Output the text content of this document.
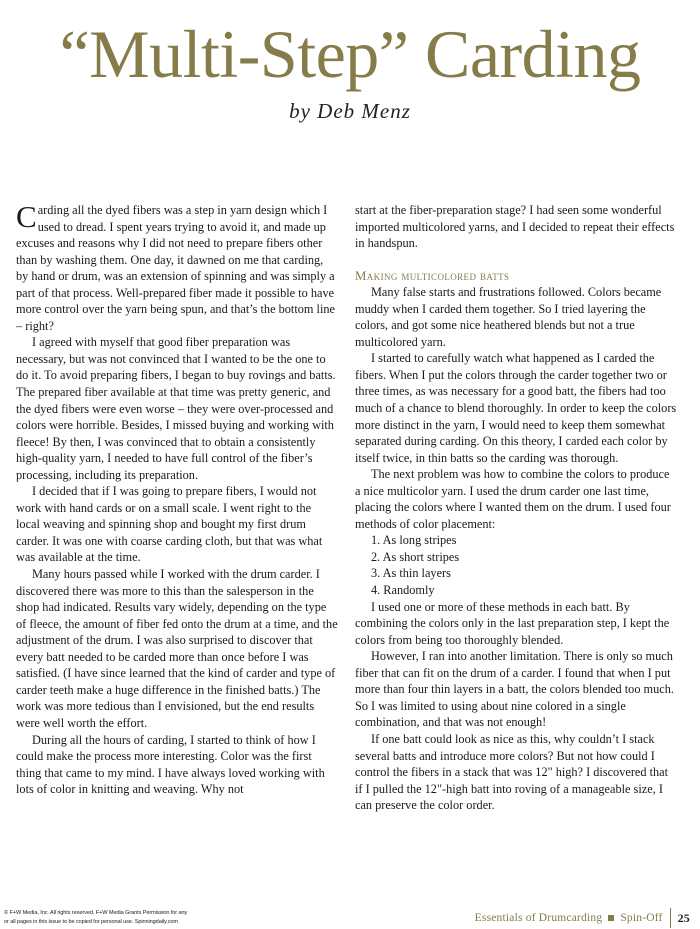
“Multi-Step” Carding
by Deb Menz

Carding all the dyed fibers was a step in yarn design which I used to dread. I spent years trying to avoid it, and made up excuses and reasons why I did not need to prepare fibers other than by washing them. One day, it dawned on me that carding, by hand or drum, was an extension of spinning and was simply a part of that process. Well-prepared fiber made it possible to have more control over the yarn being spun, and that’s the bottom line – right?

I agreed with myself that good fiber preparation was necessary, but was not convinced that I wanted to be the one to do it. To avoid preparing fibers, I began to buy rovings and batts. The prepared fiber available at that time was pretty generic, and the dyed fibers were even worse – they were over-processed and colors were horrible. Besides, I missed buying and working with fleece! By then, I was convinced that to obtain a consistently high-quality yarn, I needed to have full control of the fiber’s processing, including its preparation.

I decided that if I was going to prepare fibers, I would not work with hand cards or on a small scale. I went right to the local weaving and spinning shop and bought my first drum carder. It was one with coarse carding cloth, but that was what was available at the time.

Many hours passed while I worked with the drum carder. I discovered there was more to this than the salesperson in the shop had indicated. Results vary widely, depending on the type of fleece, the amount of fiber fed onto the drum at a time, and the adjustment of the drum. I was also surprised to discover that every batt needed to be carded more than once before I was satisfied. (I have since learned that the kind of carder and type of carder teeth make a huge difference in the finished batts.) The work was more tedious than I envisioned, but the end results were well worth the effort.

During all the hours of carding, I started to think of how I could make the process more interesting. Color was the first thing that came to my mind. I have always loved working with lots of color in knitting and weaving. Why not

start at the fiber-preparation stage? I had seen some wonderful imported multicolored yarns, and I decided to repeat their effects in handspun.

Making multicolored batts

Many false starts and frustrations followed. Colors became muddy when I carded them together. So I tried layering the colors, and got some nice heathered blends but not a true multicolored yarn.

I started to carefully watch what happened as I carded the fibers. When I put the colors through the carder together two or three times, as was necessary for a good batt, the fibers had too much of a chance to blend thoroughly. In order to keep the colors more distinct in the yarn, I would need to keep them somewhat separated during carding. On this theory, I carded each color by itself twice, in thin batts so the carding was thorough.

The next problem was how to combine the colors to produce a nice multicolor yarn. I used the drum carder one last time, placing the colors where I wanted them on the drum. I used four methods of color placement:

1. As long stripes
2. As short stripes
3. As thin layers
4. Randomly

I used one or more of these methods in each batt. By combining the colors only in the last preparation step, I kept the colors from being too thoroughly blended.

However, I ran into another limitation. There is only so much fiber that can fit on the drum of a carder. I found that when I put more than four thin layers in a batt, the colors blended too much. So I was limited to using about nine colored in a single combination, and that was not enough!

If one batt could look as nice as this, why couldn’t I stack several batts and introduce more colors? But not how could I control the fibers in a stack that was 12" high? I discovered that if I pulled the 12"-high batt into roving of a manageable size, I can preserve the color order.

© F+W Media, Inc. All rights reserved. F+W Media Grants Permission for any
or all pages in this issue to be copied for personal use. Spinningdaily.com	Essentials of Drumcarding Spin-Off 25
